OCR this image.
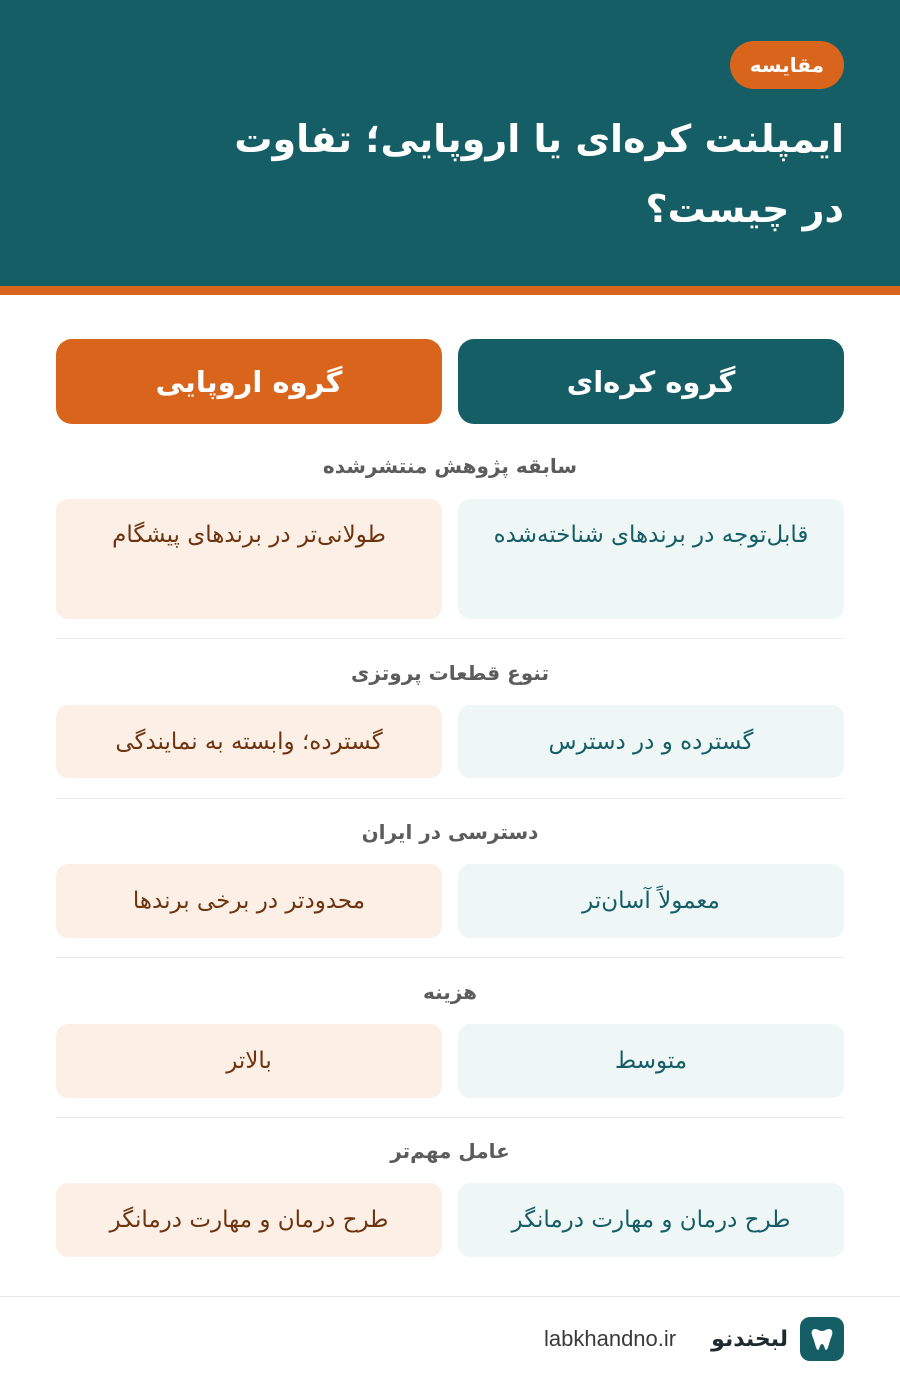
مقایسه
ایمپلنت کره‌ای یا اروپایی؛ تفاوت در چیست؟
گروه کره‌ای
گروه اروپایی
سابقه پژوهش منتشرشده
قابل‌توجه در برندهای شناخته‌شده
طولانی‌تر در برندهای پیشگام
تنوع قطعات پروتزی
گسترده و در دسترس
گسترده؛ وابسته به نمایندگی
دسترسی در ایران
معمولاً آسان‌تر
محدودتر در برخی برندها
هزینه
متوسط
بالاتر
عامل مهم‌تر
طرح درمان و مهارت درمانگر
طرح درمان و مهارت درمانگر
لبخندنو
labkhandno.ir
